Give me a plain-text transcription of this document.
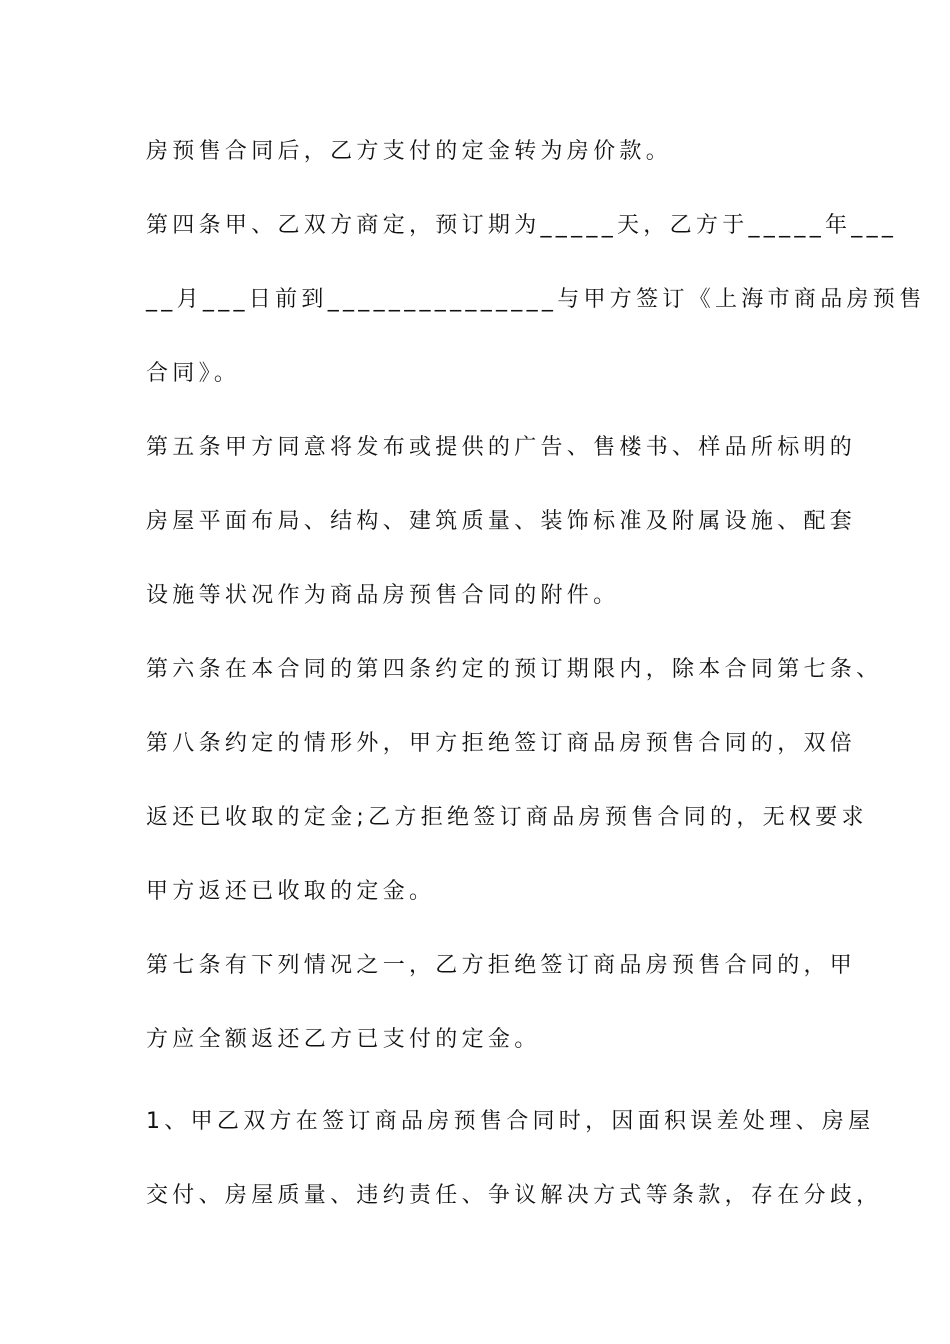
房预售合同后，乙方支付的定金转为房价款。
第四条甲、乙双方商定，预订期为_____天，乙方于_____年___
__月___日前到_______________与甲方签订《上海市商品房预售
合同》。
第五条甲方同意将发布或提供的广告、售楼书、样品所标明的
房屋平面布局、结构、建筑质量、装饰标准及附属设施、配套
设施等状况作为商品房预售合同的附件。
第六条在本合同的第四条约定的预订期限内，除本合同第七条、
第八条约定的情形外，甲方拒绝签订商品房预售合同的，双倍
返还已收取的定金;乙方拒绝签订商品房预售合同的，无权要求
甲方返还已收取的定金。
第七条有下列情况之一，乙方拒绝签订商品房预售合同的，甲
方应全额返还乙方已支付的定金。
1、甲乙双方在签订商品房预售合同时，因面积误差处理、房屋
交付、房屋质量、违约责任、争议解决方式等条款，存在分歧，
